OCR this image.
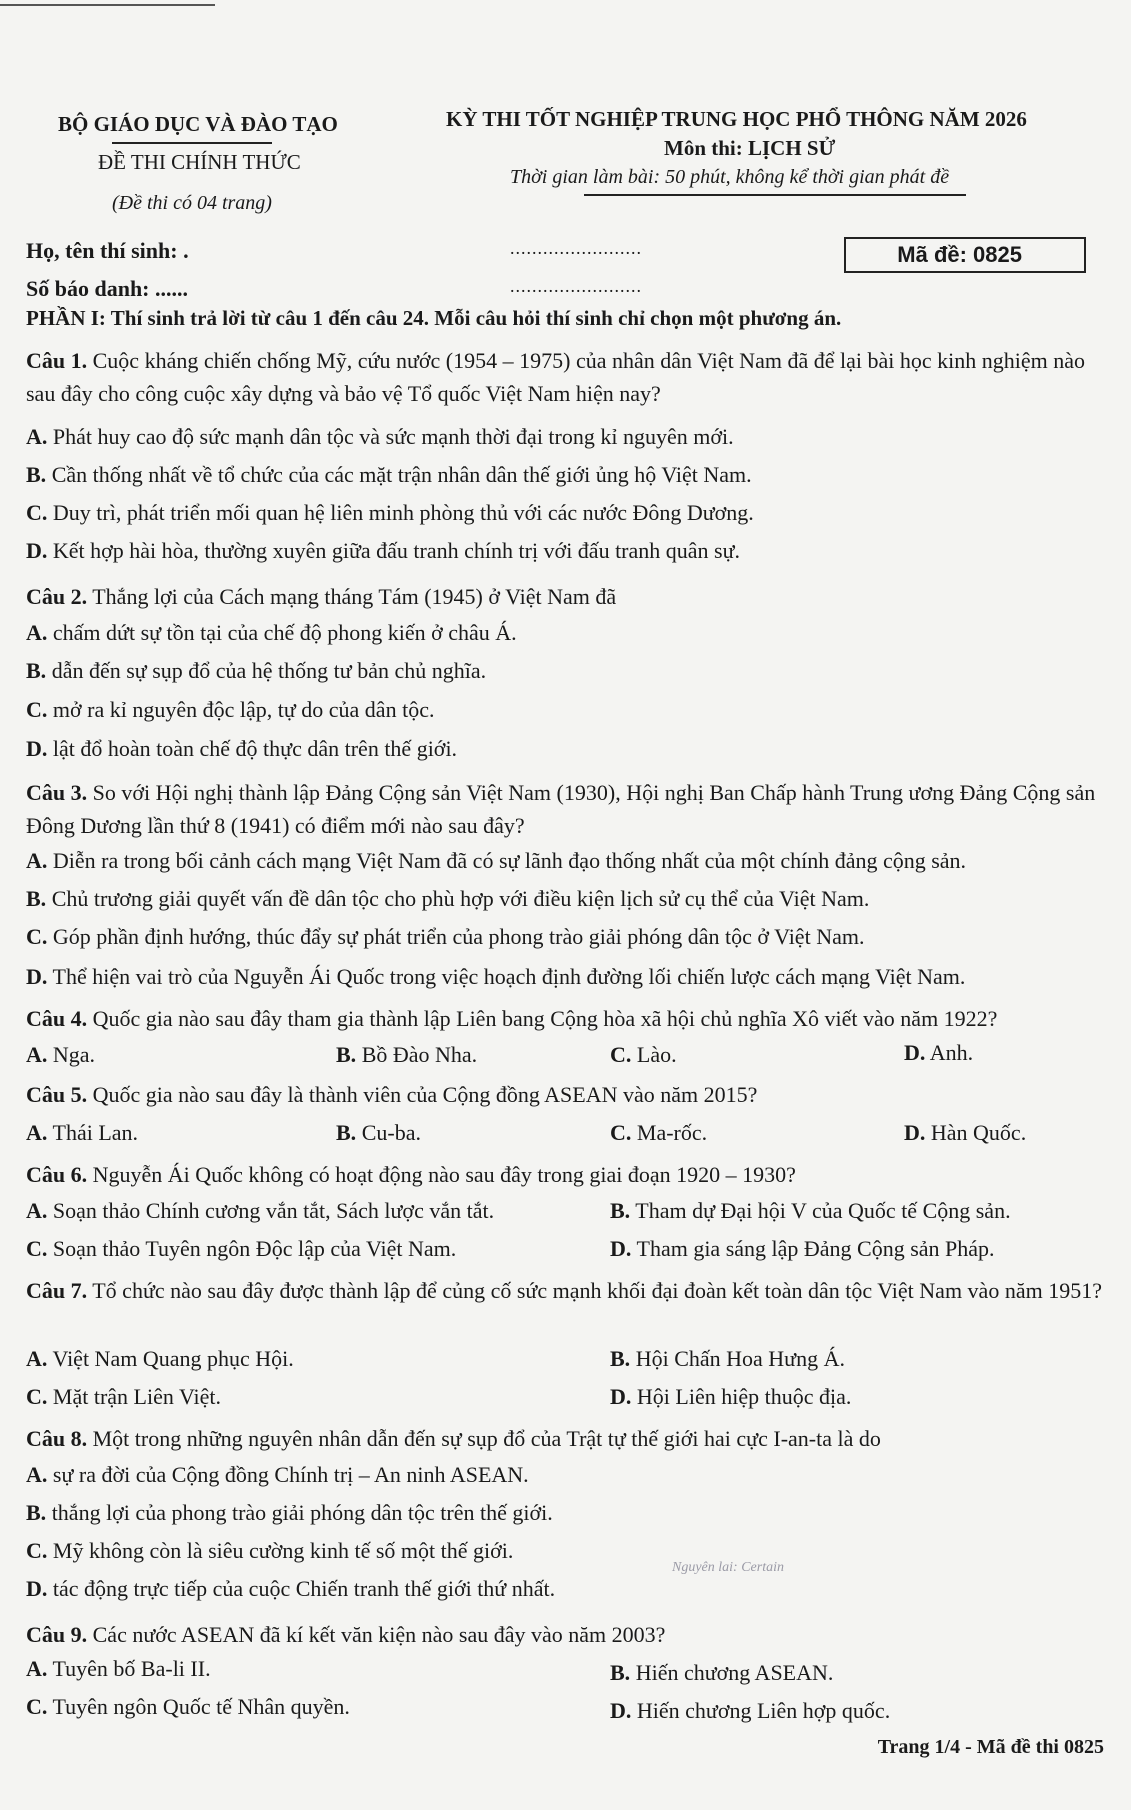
BỘ GIÁO DỤC VÀ ĐÀO TẠO
ĐỀ THI CHÍNH THỨC
(Đề thi có 04 trang)
KỲ THI TỐT NGHIỆP TRUNG HỌC PHỔ THÔNG NĂM 2026
Môn thi: LỊCH SỬ
Thời gian làm bài: 50 phút, không kể thời gian phát đề
Họ, tên thí sinh: .	........................
Số báo danh: ......	........................
Mã đề: 0825
PHẦN I: Thí sinh trả lời từ câu 1 đến câu 24. Mỗi câu hỏi thí sinh chỉ chọn một phương án.
Câu 1. Cuộc kháng chiến chống Mỹ, cứu nước (1954 – 1975) của nhân dân Việt Nam đã để lại bài học kinh nghiệm nào sau đây cho công cuộc xây dựng và bảo vệ Tổ quốc Việt Nam hiện nay?
A. Phát huy cao độ sức mạnh dân tộc và sức mạnh thời đại trong kỉ nguyên mới.
B. Cần thống nhất về tổ chức của các mặt trận nhân dân thế giới ủng hộ Việt Nam.
C. Duy trì, phát triển mối quan hệ liên minh phòng thủ với các nước Đông Dương.
D. Kết hợp hài hòa, thường xuyên giữa đấu tranh chính trị với đấu tranh quân sự.
Câu 2. Thắng lợi của Cách mạng tháng Tám (1945) ở Việt Nam đã
A. chấm dứt sự tồn tại của chế độ phong kiến ở châu Á.
B. dẫn đến sự sụp đổ của hệ thống tư bản chủ nghĩa.
C. mở ra kỉ nguyên độc lập, tự do của dân tộc.
D. lật đổ hoàn toàn chế độ thực dân trên thế giới.
Câu 3. So với Hội nghị thành lập Đảng Cộng sản Việt Nam (1930), Hội nghị Ban Chấp hành Trung ương Đảng Cộng sản Đông Dương lần thứ 8 (1941) có điểm mới nào sau đây?
A. Diễn ra trong bối cảnh cách mạng Việt Nam đã có sự lãnh đạo thống nhất của một chính đảng cộng sản.
B. Chủ trương giải quyết vấn đề dân tộc cho phù hợp với điều kiện lịch sử cụ thể của Việt Nam.
C. Góp phần định hướng, thúc đẩy sự phát triển của phong trào giải phóng dân tộc ở Việt Nam.
D. Thể hiện vai trò của Nguyễn Ái Quốc trong việc hoạch định đường lối chiến lược cách mạng Việt Nam.
Câu 4. Quốc gia nào sau đây tham gia thành lập Liên bang Cộng hòa xã hội chủ nghĩa Xô viết vào năm 1922?
A. Nga.	B. Bồ Đào Nha.	C. Lào.	D. Anh.
Câu 5. Quốc gia nào sau đây là thành viên của Cộng đồng ASEAN vào năm 2015?
A. Thái Lan.	B. Cu-ba.	C. Ma-rốc.	D. Hàn Quốc.
Câu 6. Nguyễn Ái Quốc không có hoạt động nào sau đây trong giai đoạn 1920 – 1930?
A. Soạn thảo Chính cương vắn tắt, Sách lược vắn tắt.	B. Tham dự Đại hội V của Quốc tế Cộng sản.
C. Soạn thảo Tuyên ngôn Độc lập của Việt Nam.	D. Tham gia sáng lập Đảng Cộng sản Pháp.
Câu 7. Tổ chức nào sau đây được thành lập để củng cố sức mạnh khối đại đoàn kết toàn dân tộc Việt Nam vào năm 1951?
A. Việt Nam Quang phục Hội.	B. Hội Chấn Hoa Hưng Á.
C. Mặt trận Liên Việt.	D. Hội Liên hiệp thuộc địa.
Câu 8. Một trong những nguyên nhân dẫn đến sự sụp đổ của Trật tự thế giới hai cực I-an-ta là do
A. sự ra đời của Cộng đồng Chính trị – An ninh ASEAN.
B. thắng lợi của phong trào giải phóng dân tộc trên thế giới.
C. Mỹ không còn là siêu cường kinh tế số một thế giới.
D. tác động trực tiếp của cuộc Chiến tranh thế giới thứ nhất.
Nguyên lai: Certain
Câu 9. Các nước ASEAN đã kí kết văn kiện nào sau đây vào năm 2003?
A. Tuyên bố Ba-li II.	B. Hiến chương ASEAN.
C. Tuyên ngôn Quốc tế Nhân quyền.	D. Hiến chương Liên hợp quốc.
Trang 1/4 - Mã đề thi 0825
